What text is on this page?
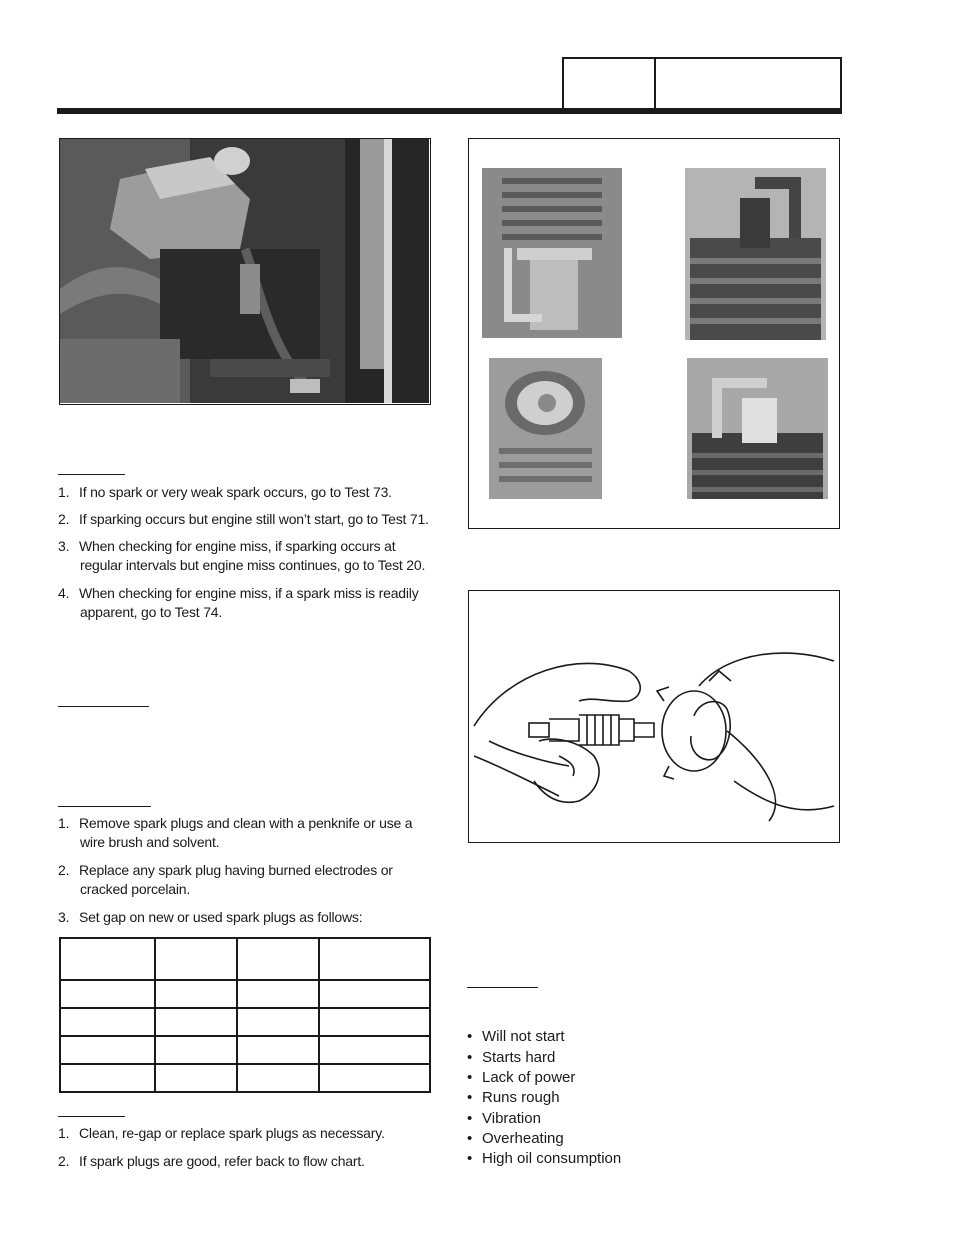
1. If no spark or very weak spark occurs, go to Test 73.
2. If sparking occurs but engine still won’t start, go to Test 71.
3. When checking for engine miss, if sparking occurs at
regular intervals but engine miss continues, go to Test 20.
4. When checking for engine miss, if a spark miss is readily
apparent, go to Test 74.
1. Remove spark plugs and clean with a penknife or use a
wire brush and solvent.
2. Replace any spark plug having burned electrodes or
cracked porcelain.
3. Set gap on new or used spark plugs as follows:

1. Clean, re-gap or replace spark plugs as necessary.
2. If spark plugs are good, refer back to flow chart.
• Will not start
• Starts hard
• Lack of power
• Runs rough
• Vibration
• Overheating
• High oil consumption
